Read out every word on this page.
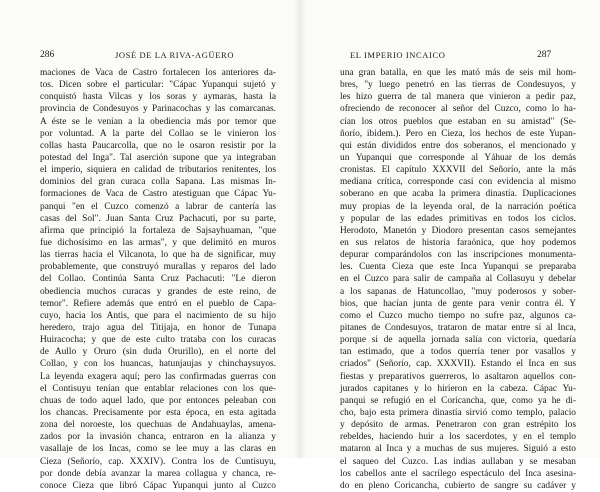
286	JOSÉ DE LA RIVA-AGÜERO
maciones de Vaca de Castro fortalecen los anteriores da-
tos. Dicen sobre el particular: "Cápac Yupanqui sujetó y
conquistó hasta Vilcas y los soras y aymaras, hasta la
provincia de Condesuyos y Parinacochas y las comarcanas.
A éste se le venían a la obediencia más por temor que
por voluntad. A la parte del Collao se le vinieron los
collas hasta Paucarcolla, que no le osaron resistir por la
potestad del Inga". Tal aserción supone que ya integraban
el imperio, siquiera en calidad de tributarios renitentes, los
dominios del gran curaca colla Sapana. Las mismas In-
formaciones de Vaca de Castro atestiguan que Cápac Yu-
panqui "en el Cuzco comenzó a labrar de cantería las
casas del Sol". Juan Santa Cruz Pachacuti, por su parte,
afirma que principió la fortaleza de Sajsayhuaman, "que
fue dichosísimo en las armas", y que delimitó en muros
las tierras hacia el Vilcanota, lo que ha de significar, muy
probablemente, que construyó murallas y reparos del lado
del Collao. Continúa Santa Cruz Pachacuti: "Le dieron
obediencia muchos curacas y grandes de este reino, de
temor". Refiere además que entró en el pueblo de Capa-
cuyo, hacia los Antis, que para el nacimiento de su hijo
heredero, trajo agua del Titijaja, en honor de Tunapa
Huiracocha; y que de este culto trataba con los curacas
de Aullo y Oruro (sin duda Orurillo), en el norte del
Collao, y con los huancas, hatunjaujas y chinchaysuyos.
La leyenda exagera aquí; pero las confirmadas guerras con
el Contisuyu tenían que entablar relaciones con los que-
chuas de todo aquel lado, que por entonces peleaban con
los chancas. Precisamente por esta época, en esta agitada
zona del noroeste, los quechuas de Andahuaylas, amena-
zados por la invasión chanca, entraron en la alianza y
vasallaje de los Incas, como se lee muy a las claras en
Cieza (Señorío, cap. XXXIV). Contra los de Cuntisuyu,
por donde debía avanzar la marea collagua y chanca, re-
conoce Cieza que libró Cápac Yupanqui junto al Cuzco
EL IMPERIO INCAICO	287
una gran batalla, en que les mató más de seis mil hom-
bres, "y luego penetró en las tierras de Condesuyos, y
les hizo guerra de tal manera que vinieron a pedir paz,
ofreciendo de reconocer al señor del Cuzco, como lo ha-
cían los otros pueblos que estaban en su amistad" (Se-
ñorío, ibidem.). Pero en Cieza, los hechos de este Yupan-
qui están divididos entre dos soberanos, el mencionado y
un Yupanqui que corresponde al Yáhuar de los demás
cronistas. El capítulo XXXVII del Señorío, ante la más
mediana crítica, corresponde casi con evidencia al mismo
soberano en que acaba la primera dinastía. Duplicaciones
muy propias de la leyenda oral, de la narración poética
y popular de las edades primitivas en todos los ciclos.
Herodoto, Manetón y Diodoro presentan casos semejantes
en sus relatos de historia faraónica, que hoy podemos
depurar comparándolos con las inscripciones monumenta-
les. Cuenta Cieza que este Inca Yupanqui se preparaba
en el Cuzco para salir de campaña al Collasuyu y debelar
a los sapanas de Hatuncollao, "muy poderosos y sober-
bios, que hacían junta de gente para venir contra él. Y
como el Cuzco mucho tiempo no sufre paz, algunos ca-
pitanes de Condesuyos, trataron de matar entre sí al Inca,
porque si de aquella jornada salía con victoria, quedaría
tan estimado, que a todos querría tener por vasallos y
criados" (Señorío, cap. XXXVII). Estando el Inca en sus
fiestas y preparativos guerreros, lo asaltaron aquellos con-
jurados capitanes y lo hirieron en la cabeza. Cápac Yu-
panqui se refugió en el Coricancha, que, como ya he di-
cho, bajo esta primera dinastía sirvió como templo, palacio
y depósito de armas. Penetraron con gran estrépito los
rebeldes, haciendo huir a los sacerdotes, y en el templo
mataron al Inca y a muchas de sus mujeres. Siguió a esto
el saqueo del Cuzco. Las indias aullaban y se mesaban
los cabellos ante el sacrílego espectáculo del Inca asesina-
do en pleno Coricancha, cubierto de sangre su cadáver y
